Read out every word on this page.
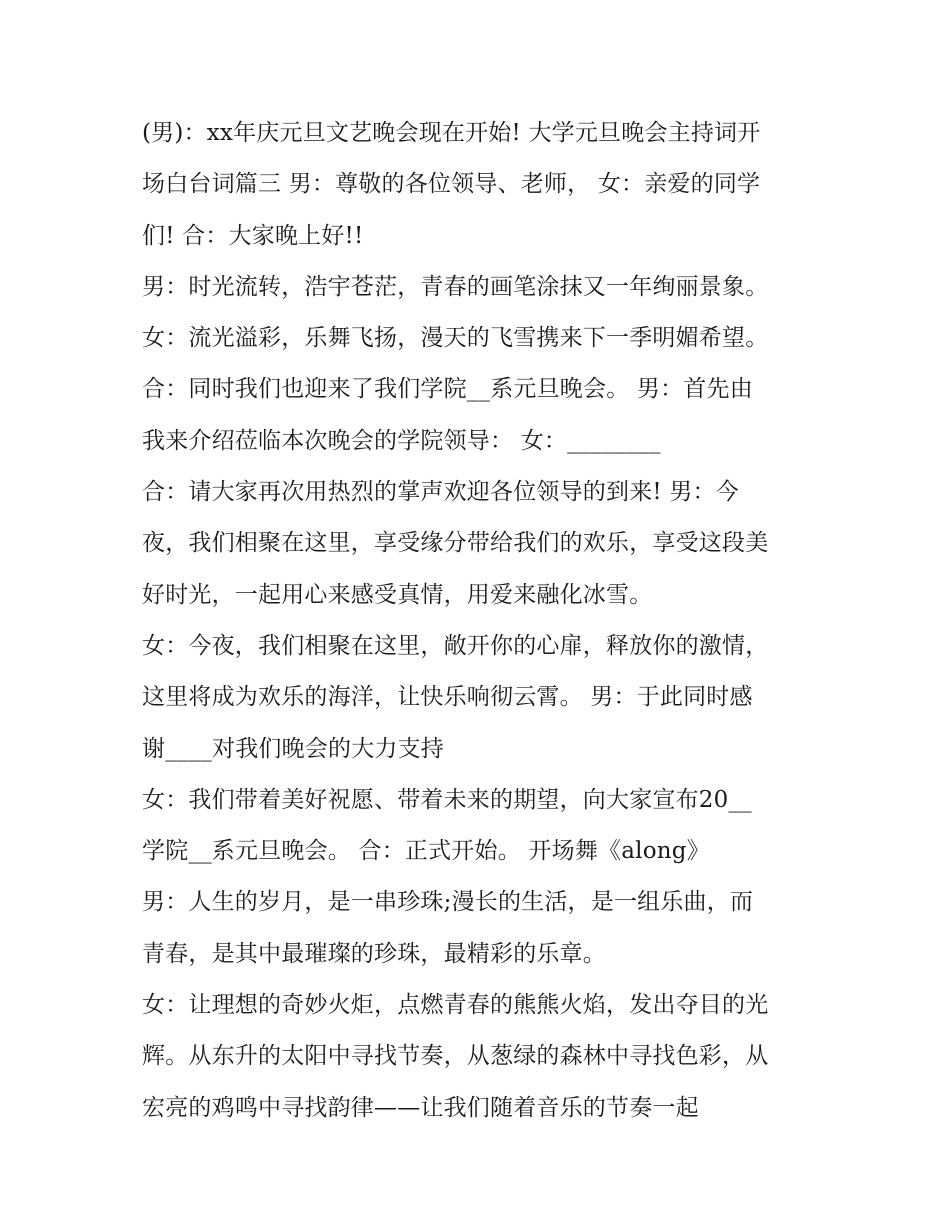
(男)：xx年庆元旦文艺晚会现在开始! 大学元旦晚会主持词开
场白台词篇三 男：尊敬的各位领导、老师， 女：亲爱的同学
们! 合：大家晚上好!!
男：时光流转，浩宇苍茫，青春的画笔涂抹又一年绚丽景象。
女：流光溢彩，乐舞飞扬，漫天的飞雪携来下一季明媚希望。
合：同时我们也迎来了我们学院__系元旦晚会。 男：首先由
我来介绍莅临本次晚会的学院领导： 女：________
合：请大家再次用热烈的掌声欢迎各位领导的到来! 男：今
夜，我们相聚在这里，享受缘分带给我们的欢乐，享受这段美
好时光，一起用心来感受真情，用爱来融化冰雪。
女：今夜，我们相聚在这里，敞开你的心扉，释放你的激情，
这里将成为欢乐的海洋，让快乐响彻云霄。 男：于此同时感
谢____对我们晚会的大力支持
女：我们带着美好祝愿、带着未来的期望，向大家宣布20__
学院__系元旦晚会。 合：正式开始。 开场舞《along》
男：人生的岁月，是一串珍珠;漫长的生活，是一组乐曲，而
青春，是其中最璀璨的珍珠，最精彩的乐章。
女：让理想的奇妙火炬，点燃青春的熊熊火焰，发出夺目的光
辉。从东升的太阳中寻找节奏，从葱绿的森林中寻找色彩，从
宏亮的鸡鸣中寻找韵律——让我们随着音乐的节奏一起
